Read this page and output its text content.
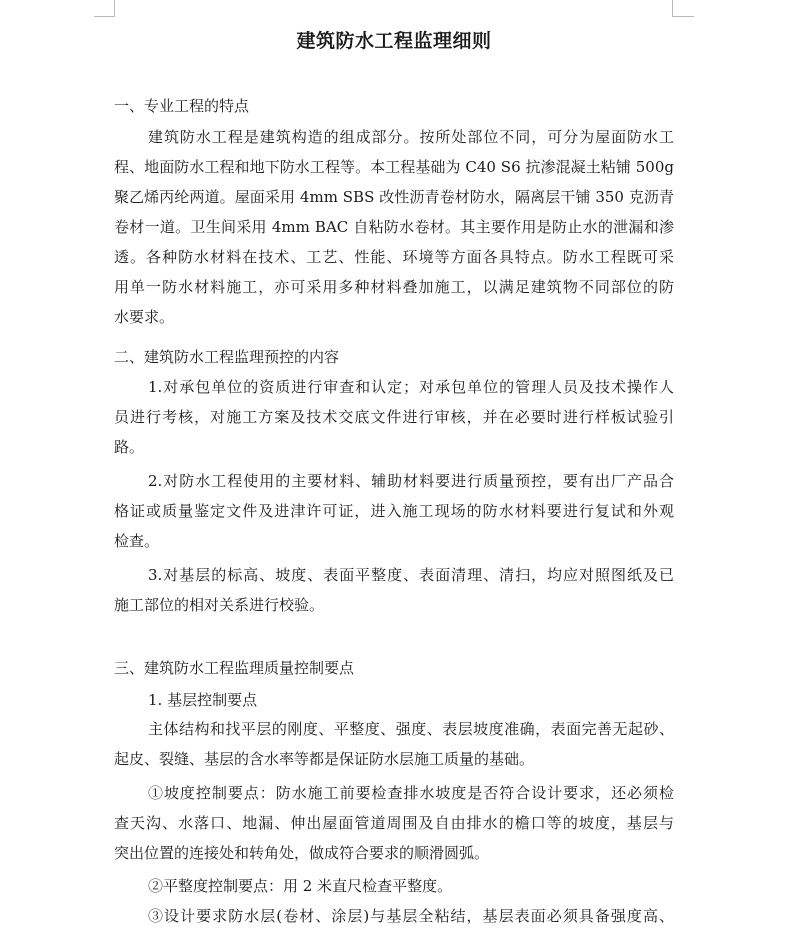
建筑防水工程监理细则
一、专业工程的特点
建筑防水工程是建筑构造的组成部分。按所处部位不同，可分为屋面防水工
程、地面防水工程和地下防水工程等。本工程基础为 C40 S6 抗渗混凝土粘铺 500g
聚乙烯丙纶两道。屋面采用 4mm SBS 改性沥青卷材防水，隔离层干铺 350 克沥青
卷材一道。卫生间采用 4mm BAC 自粘防水卷材。其主要作用是防止水的泄漏和渗
透。各种防水材料在技术、工艺、性能、环境等方面各具特点。防水工程既可采
用单一防水材料施工，亦可采用多种材料叠加施工，以满足建筑物不同部位的防
水要求。
二、建筑防水工程监理预控的内容
1.对承包单位的资质进行审查和认定；对承包单位的管理人员及技术操作人
员进行考核，对施工方案及技术交底文件进行审核，并在必要时进行样板试验引
路。
2.对防水工程使用的主要材料、辅助材料要进行质量预控，要有出厂产品合
格证或质量鉴定文件及进津许可证，进入施工现场的防水材料要进行复试和外观
检查。
3.对基层的标高、坡度、表面平整度、表面清理、清扫，均应对照图纸及已
施工部位的相对关系进行校验。
三、建筑防水工程监理质量控制要点
1. 基层控制要点
主体结构和找平层的刚度、平整度、强度、表层坡度准确，表面完善无起砂、
起皮、裂缝、基层的含水率等都是保证防水层施工质量的基础。
①坡度控制要点：防水施工前要检查排水坡度是否符合设计要求，还必须检
查天沟、水落口、地漏、伸出屋面管道周围及自由排水的檐口等的坡度，基层与
突出位置的连接处和转角处，做成符合要求的顺滑圆弧。
②平整度控制要点：用 2 米直尺检查平整度。
③设计要求防水层(卷材、涂层)与基层全粘结，基层表面必须具备强度高、
